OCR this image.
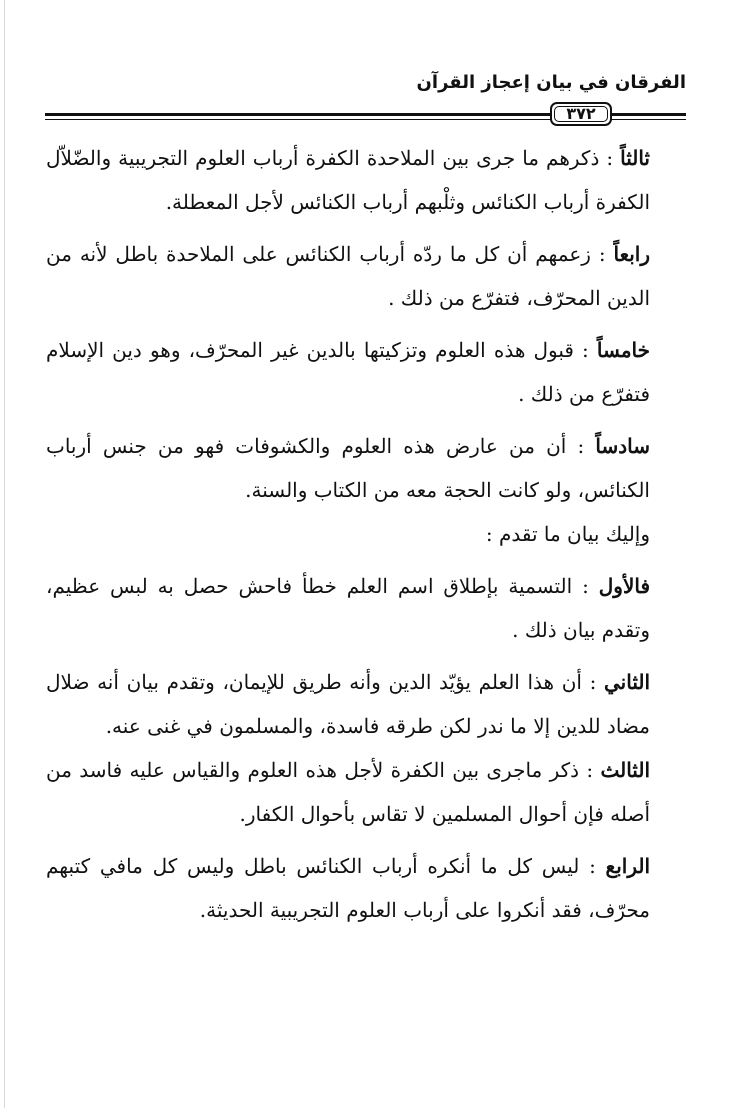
الفرقان في بيان إعجاز القرآن
٣٧٢

ثالثاً : ذكرهم ما جرى بين الملاحدة الكفرة أرباب العلوم التجريبية والضّلاّل الكفرة أرباب الكنائس وثلْبهم أرباب الكنائس لأجل المعطلة.

رابعاً : زعمهم أن كل ما ردّه أرباب الكنائس على الملاحدة باطل لأنه من الدين المحرّف، فتفرّع من ذلك .

خامساً : قبول هذه العلوم وتزكيتها بالدين غير المحرّف، وهو دين الإسلام فتفرّع من ذلك .

سادساً : أن من عارض هذه العلوم والكشوفات فهو من جنس أرباب الكنائس، ولو كانت الحجة معه من الكتاب والسنة.

وإليك بيان ما تقدم :

فالأول : التسمية بإطلاق اسم العلم خطأ فاحش حصل به لبس عظيم، وتقدم بيان ذلك .

الثاني : أن هذا العلم يؤيّد الدين وأنه طريق للإيمان، وتقدم بيان أنه ضلال مضاد للدين إلا ما ندر لكن طرقه فاسدة، والمسلمون في غنى عنه.

الثالث : ذكر ماجرى بين الكفرة لأجل هذه العلوم والقياس عليه فاسد من أصله فإن أحوال المسلمين لا تقاس بأحوال الكفار.

الرابع : ليس كل ما أنكره أرباب الكنائس باطل وليس كل مافي كتبهم محرّف، فقد أنكروا على أرباب العلوم التجريبية الحديثة.
